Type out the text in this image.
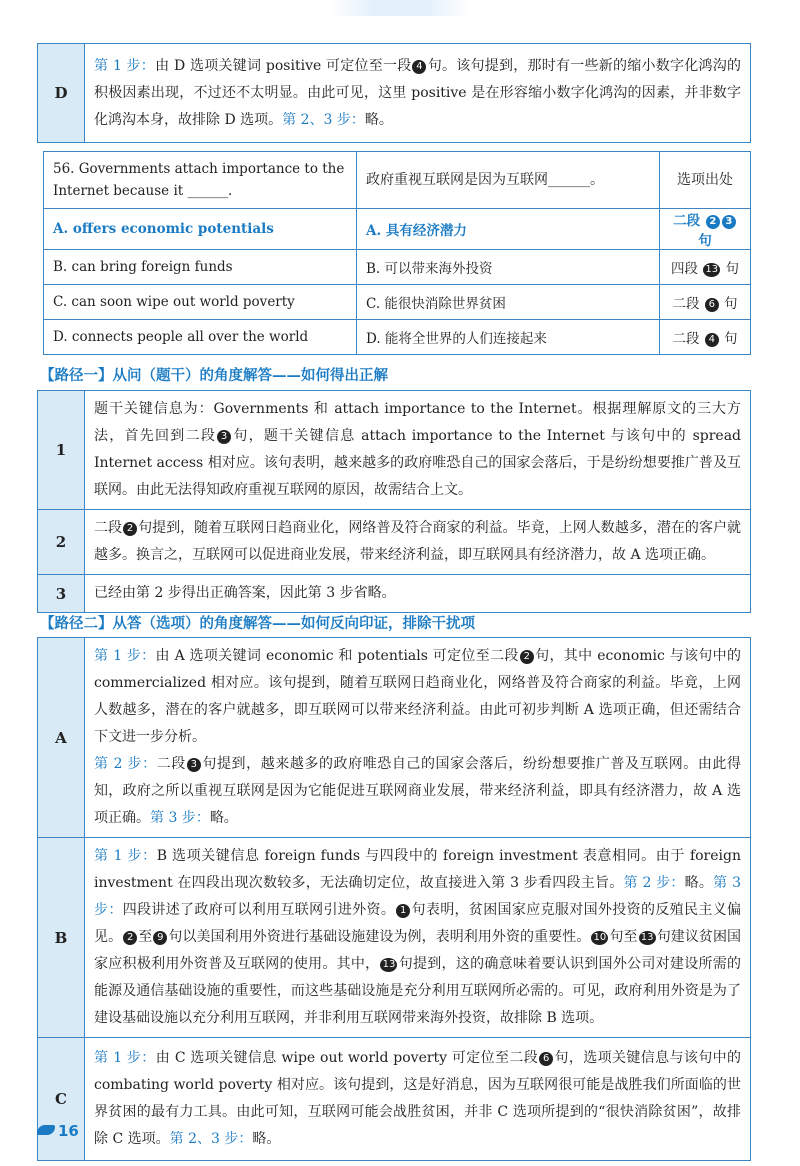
D	第 1 步：由 D 选项关键词 positive 可定位至一段 4 句。该句提到，那时有一些新的缩小数字化鸿沟的积极因素出现，不过还不太明显。由此可见，这里 positive 是在形容缩小数字化鸿沟的因素，并非数字化鸿沟本身，故排除 D 选项。第 2、3 步：略。
56. Governments attach importance to the Internet because it ______.	政府重视互联网是因为互联网______。	选项出处
A. offers economic potentials	A. 具有经济潜力	二段 2 3 句
B. can bring foreign funds	B. 可以带来海外投资	四段 13 句
C. can soon wipe out world poverty	C. 能很快消除世界贫困	二段 6 句
D. connects people all over the world	D. 能将全世界的人们连接起来	二段 4 句
【路径一】从问（题干）的角度解答——如何得出正解
1	题干关键信息为：Governments 和 attach importance to the Internet。根据理解原文的三大方法，首先回到二段 3 句，题干关键信息 attach importance to the Internet 与该句中的 spread Internet access 相对应。该句表明，越来越多的政府唯恐自己的国家会落后，于是纷纷想要推广普及互联网。由此无法得知政府重视互联网的原因，故需结合上文。
2	二段 2 句提到，随着互联网日趋商业化，网络普及符合商家的利益。毕竟，上网人数越多，潜在的客户就越多。换言之，互联网可以促进商业发展，带来经济利益，即互联网具有经济潜力，故 A 选项正确。
3	已经由第 2 步得出正确答案，因此第 3 步省略。
【路径二】从答（选项）的角度解答——如何反向印证，排除干扰项
A	第 1 步：由 A 选项关键词 economic 和 potentials 可定位至二段 2 句，其中 economic 与该句中的 commercialized 相对应。该句提到，随着互联网日趋商业化，网络普及符合商家的利益。毕竟，上网人数越多，潜在的客户就越多，即互联网可以带来经济利益。由此可初步判断 A 选项正确，但还需结合下文进一步分析。
第 2 步：二段 3 句提到，越来越多的政府唯恐自己的国家会落后，纷纷想要推广普及互联网。由此得知，政府之所以重视互联网是因为它能促进互联网商业发展，带来经济利益，即具有经济潜力，故 A 选项正确。第 3 步：略。
B	第 1 步：B 选项关键信息 foreign funds 与四段中的 foreign investment 表意相同。由于 foreign investment 在四段出现次数较多，无法确切定位，故直接进入第 3 步看四段主旨。第 2 步：略。第 3 步：四段讲述了政府可以利用互联网引进外资。 1 句表明，贫困国家应克服对国外投资的反殖民主义偏见。 2 至 9 句以美国利用外资进行基础设施建设为例，表明利用外资的重要性。 10 句至 13 句建议贫困国家应积极利用外资普及互联网的使用。其中， 13 句提到，这的确意味着要认识到国外公司对建设所需的能源及通信基础设施的重要性，而这些基础设施是充分利用互联网所必需的。可见，政府利用外资是为了建设基础设施以充分利用互联网，并非利用互联网带来海外投资，故排除 B 选项。
C	第 1 步：由 C 选项关键信息 wipe out world poverty 可定位至二段 6 句，选项关键信息与该句中的 combating world poverty 相对应。该句提到，这是好消息，因为互联网很可能是战胜我们所面临的世界贫困的最有力工具。由此可知，互联网可能会战胜贫困，并非 C 选项所提到的“很快消除贫困”，故排除 C 选项。第 2、3 步：略。
16
